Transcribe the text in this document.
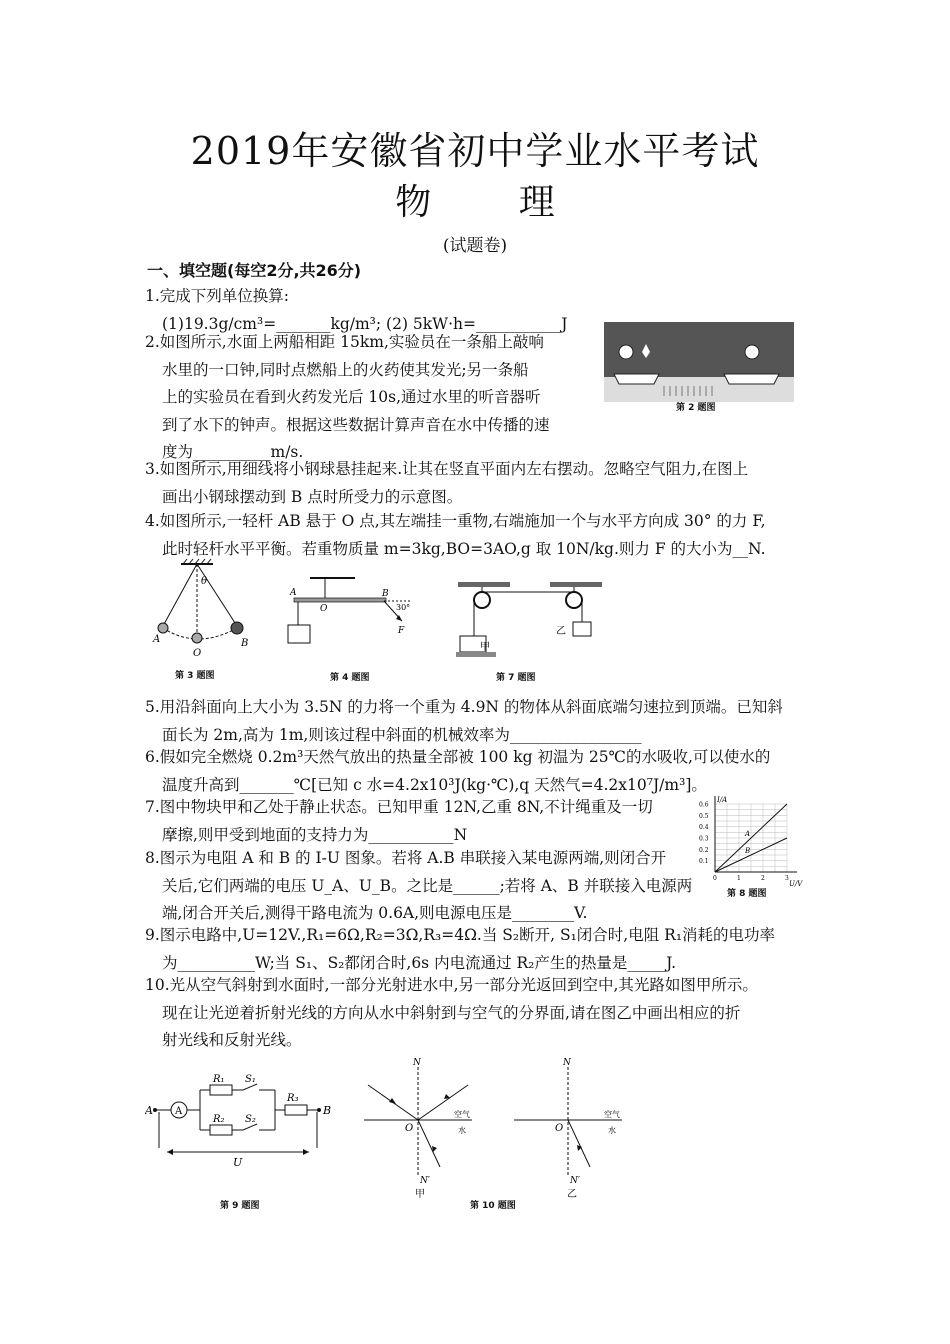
2019年安徽省初中学业水平考试
物 理
(试题卷)
一、填空题(每空2分,共26分)
1.完成下列单位换算:
(1)19.3g/cm³=_______kg/m³; (2) 5kW·h=___________J
2.如图所示,水面上两船相距 15km,实验员在一条船上敲响
水里的一口钟,同时点燃船上的火药使其发光;另一条船
上的实验员在看到火药发光后 10s,通过水里的听音器听
到了水下的钟声。根据这些数据计算声音在水中传播的速
度为__________m/s.
第 2 题图
3.如图所示,用细线将小钢球悬挂起来.让其在竖直平面内左右摆动。忽略空气阻力,在图上
画出小钢球摆动到 B 点时所受力的示意图。
4.如图所示,一轻杆 AB 悬于 O 点,其左端挂一重物,右端施加一个与水平方向成 30° 的力 F,
此时轻杆水平平衡。若重物质量 m=3kg,BO=3AO,g 取 10N/kg.则力 F 的大小为__N.
θ
A
O
B
第 3 题图
A
O
B
30°
F
第 4 题图
甲
乙
第 7 题图
5.用沿斜面向上大小为 3.5N 的力将一个重为 4.9N 的物体从斜面底端匀速拉到顶端。已知斜
面长为 2m,高为 1m,则该过程中斜面的机械效率为_________________
6.假如完全燃烧 0.2m³天然气放出的热量全部被 100 kg 初温为 25℃的水吸收,可以使水的
温度升高到_______℃[已知 c 水=4.2x10³J(kg·℃),q 天然气=4.2x10⁷J/m³]。
7.图中物块甲和乙处于静止状态。已知甲重 12N,乙重 8N,不计绳重及一切
摩擦,则甲受到地面的支持力为___________N
8.图示为电阻 A 和 B 的 I-U 图象。若将 A.B 串联接入某电源两端,则闭合开
关后,它们两端的电压 U_A、U_B。之比是______;若将 A、B 并联接入电源两
端,闭合开关后,测得干路电流为 0.6A,则电源电压是________V.
0.1
0.2
0.3
0.4
0.5
0.6
0	1	2	3
A
B
I/A
U/V
第 8 题图
9.图示电路中,U=12V.,R₁=6Ω,R₂=3Ω,R₃=4Ω.当 S₂断开, S₁闭合时,电阻 R₁消耗的电功率
为__________W;当 S₁、S₂都闭合时,6s 内电流通过 R₂产生的热量是_____J.
10.光从空气斜射到水面时,一部分光射进水中,另一部分光返回到空中,其光路如图甲所示。
现在让光逆着折射光线的方向从水中斜射到与空气的分界面,请在图乙中画出相应的折
射光线和反射光线。
A
A	B
R₁ S₁
R₂ S₂
R₃
U
第 9 题图
N
O
N′
空气
水
甲
N
O
N′
空气
水
乙
第 10 题图
